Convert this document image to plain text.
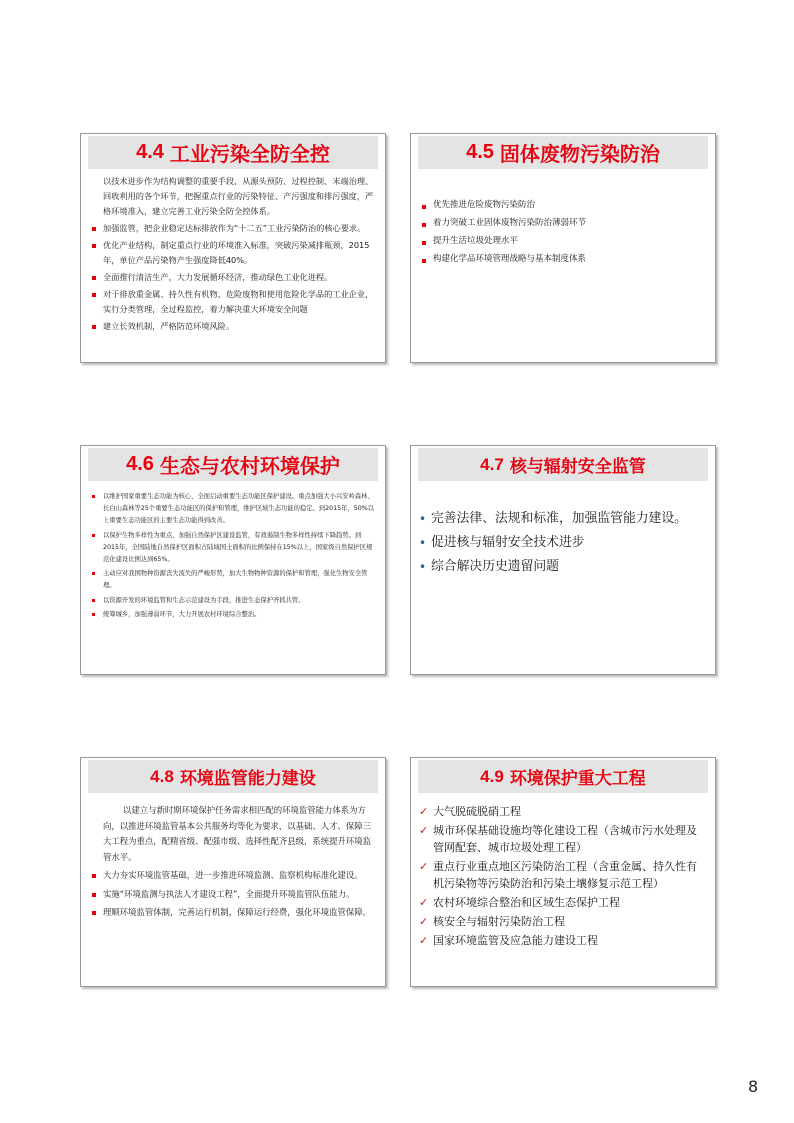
4.4 工业污染全防全控
以技术进步作为结构调整的重要手段，从源头预防、过程控制、末端治理、回收利用的各个环节，把握重点行业的污染特征、产污强度和排污强度，严格环境准入，建立完善工业污染全防全控体系。
加强监管，把企业稳定达标排放作为“十二五”工业污染防治的核心要求。
优化产业结构，制定重点行业的环境准入标准，突破污染减排瓶颈，2015年，单位产品污染物产生强度降低40%。
全面推行清洁生产，大力发展循环经济，推动绿色工业化进程。
对于排放重金属、持久性有机物、危险废物和使用危险化学品的工业企业，实行分类管理，全过程监控，着力解决重大环境安全问题
建立长效机制，严格防范环境风险。
4.5 固体废物污染防治
优先推进危险废物污染防治
着力突破工业固体废物污染防治薄弱环节
提升生活垃圾处理水平
构建化学品环境管理战略与基本制度体系
4.6 生态与农村环境保护
以维护国家重要生态功能为核心，全面启动重要生态功能区保护建设。重点加强大小兴安岭森林、长白山森林等25个重要生态功能区的保护和管理，维护区域生态功能的稳定。到2015年，50%以上重要生态功能区的主要生态功能得到改善。
以保护生物多样性为重点，加强自然保护区建设监管，有效遏制生物多样性持续下降趋势。到2015年，全国陆地自然保护区面积占陆域国土面积的比例保持在15%以上，国家级自然保护区规范化建设比例达到65%。
主动应对我国物种资源丧失流失的严峻形势，加大生物物种资源的保护和管理，强化生物安全管理。
以资源开发的环境监管和生态示范建设为手段，推进生态保护齐抓共管。
统筹城乡，加强薄弱环节，大力开展农村环境综合整治。
4.7 核与辐射安全监管
• 完善法律、法规和标准，加强监管能力建设。
• 促进核与辐射安全技术进步
• 综合解决历史遗留问题
4.8 环境监管能力建设
以建立与新时期环境保护任务需求相匹配的环境监管能力体系为方向，以推进环境监管基本公共服务均等化为要求，以基础、人才、保障三大工程为重点，配精省级、配强市级、选择性配齐县级，系统提升环境监管水平。
大力夯实环境监管基础，进一步推进环境监测、监察机构标准化建设。
实施“环境监测与执法人才建设工程”，全面提升环境监管队伍能力。
理顺环境监管体制，完善运行机制，保障运行经费，强化环境监管保障。
4.9 环境保护重大工程
✓ 大气脱硫脱硝工程
✓ 城市环保基础设施均等化建设工程（含城市污水处理及管网配套、城市垃圾处理工程）
✓ 重点行业重点地区污染防治工程（含重金属、持久性有机污染物等污染防治和污染土壤修复示范工程）
✓ 农村环境综合整治和区域生态保护工程
✓ 核安全与辐射污染防治工程
✓ 国家环境监管及应急能力建设工程
8
